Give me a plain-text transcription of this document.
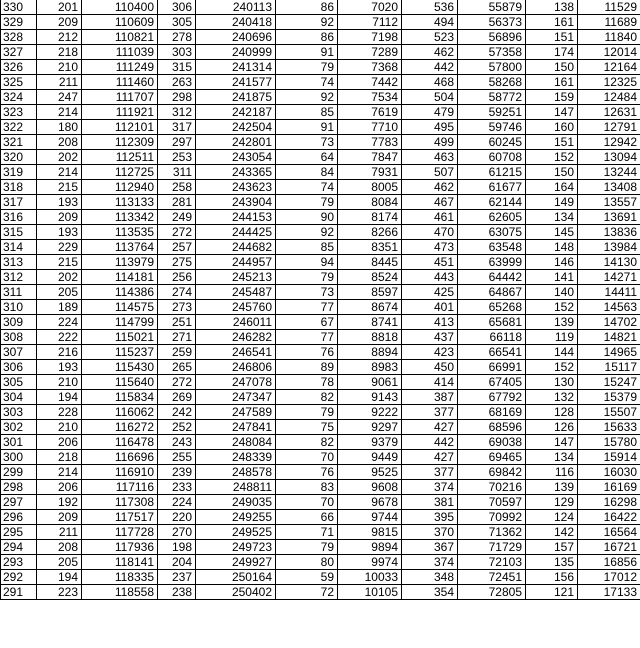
330	201	110400	306	240113	86	7020	536	55879	138	11529
329	209	110609	305	240418	92	7112	494	56373	161	11689
328	212	110821	278	240696	86	7198	523	56896	151	11840
327	218	111039	303	240999	91	7289	462	57358	174	12014
326	210	111249	315	241314	79	7368	442	57800	150	12164
325	211	111460	263	241577	74	7442	468	58268	161	12325
324	247	111707	298	241875	92	7534	504	58772	159	12484
323	214	111921	312	242187	85	7619	479	59251	147	12631
322	180	112101	317	242504	91	7710	495	59746	160	12791
321	208	112309	297	242801	73	7783	499	60245	151	12942
320	202	112511	253	243054	64	7847	463	60708	152	13094
319	214	112725	311	243365	84	7931	507	61215	150	13244
318	215	112940	258	243623	74	8005	462	61677	164	13408
317	193	113133	281	243904	79	8084	467	62144	149	13557
316	209	113342	249	244153	90	8174	461	62605	134	13691
315	193	113535	272	244425	92	8266	470	63075	145	13836
314	229	113764	257	244682	85	8351	473	63548	148	13984
313	215	113979	275	244957	94	8445	451	63999	146	14130
312	202	114181	256	245213	79	8524	443	64442	141	14271
311	205	114386	274	245487	73	8597	425	64867	140	14411
310	189	114575	273	245760	77	8674	401	65268	152	14563
309	224	114799	251	246011	67	8741	413	65681	139	14702
308	222	115021	271	246282	77	8818	437	66118	119	14821
307	216	115237	259	246541	76	8894	423	66541	144	14965
306	193	115430	265	246806	89	8983	450	66991	152	15117
305	210	115640	272	247078	78	9061	414	67405	130	15247
304	194	115834	269	247347	82	9143	387	67792	132	15379
303	228	116062	242	247589	79	9222	377	68169	128	15507
302	210	116272	252	247841	75	9297	427	68596	126	15633
301	206	116478	243	248084	82	9379	442	69038	147	15780
300	218	116696	255	248339	70	9449	427	69465	134	15914
299	214	116910	239	248578	76	9525	377	69842	116	16030
298	206	117116	233	248811	83	9608	374	70216	139	16169
297	192	117308	224	249035	70	9678	381	70597	129	16298
296	209	117517	220	249255	66	9744	395	70992	124	16422
295	211	117728	270	249525	71	9815	370	71362	142	16564
294	208	117936	198	249723	79	9894	367	71729	157	16721
293	205	118141	204	249927	80	9974	374	72103	135	16856
292	194	118335	237	250164	59	10033	348	72451	156	17012
291	223	118558	238	250402	72	10105	354	72805	121	17133
